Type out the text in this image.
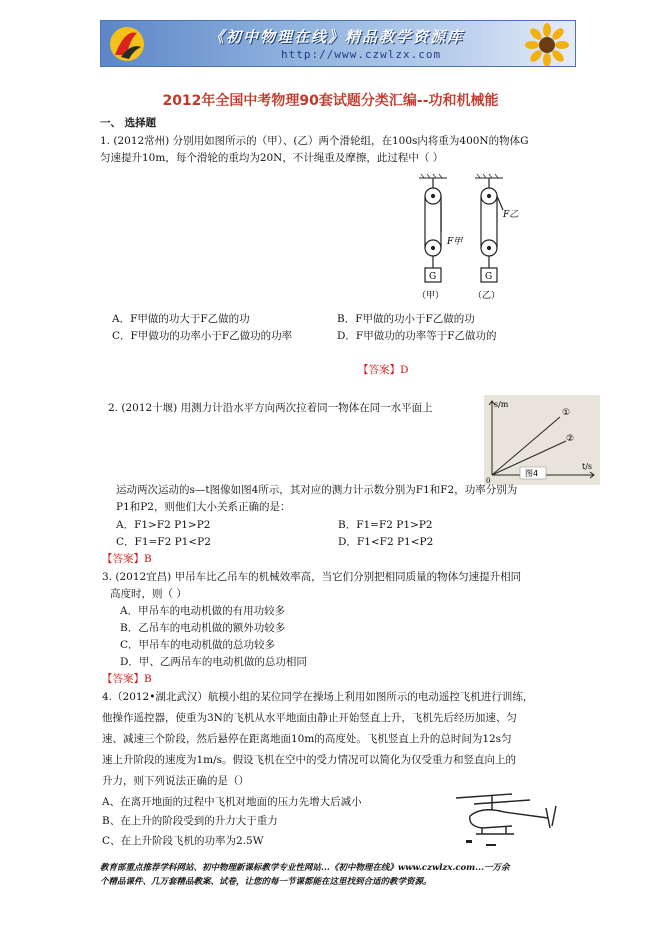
《初中物理在线》精品教学资源库
http://www.czwlzx.com
2012年全国中考物理90套试题分类汇编--功和机械能
一、 选择题
1. (2012常州) 分别用如图所示的（甲）、(乙）两个滑轮组，在100s内将重为400N的物体G
匀速提升10m，每个滑轮的重均为20N，不计绳重及摩擦，此过程中（ ）
F甲
F乙
G	G
（甲）	（乙）
A．F甲做的功大于F乙做的功	B．F甲做的功小于F乙做的功
C．F甲做功的功率小于F乙做功的功率	D．F甲做功的功率等于F乙做功的
【答案】D
2. (2012十堰) 用测力计沿水平方向两次拉着同一物体在同一水平面上	s/m
t/s
0
①
②
图4
运动两次运动的s—t图像如图4所示，其对应的测力计示数分别为F1和F2，功率分别为
P1和P2，则他们大小关系正确的是：
A．F1>F2 P1>P2	B．F1=F2 P1>P2
C．F1=F2 P1<P2	D．F1<F2 P1<P2
【答案】B
3. (2012宜昌) 甲吊车比乙吊车的机械效率高，当它们分别把相同质量的物体匀速提升相同
高度时，则（ ）
A．甲吊车的电动机做的有用功较多
B．乙吊车的电动机做的额外功较多
C．甲吊车的电动机做的总功较多
D．甲、乙两吊车的电动机做的总功相同
【答案】B
4.（2012•湖北武汉）航模小组的某位同学在操场上利用如图所示的电动遥控飞机进行训练，
他操作遥控器，使重为3N的飞机从水平地面由静止开始竖直上升，飞机先后经历加速、匀
速、减速三个阶段，然后悬停在距离地面10m的高度处。飞机竖直上升的总时间为12s匀
速上升阶段的速度为1m/s。假设飞机在空中的受力情况可以简化为仅受重力和竖直向上的
升力，则下列说法正确的是（）
A、在离开地面的过程中飞机对地面的压力先增大后减小
B、在上升的阶段受到的升力大于重力
C、在上升阶段飞机的功率为2.5W
教育部重点推荐学科网站、初中物理新课标教学专业性网站...《初中物理在线》www.czwlzx.com...一万余
个精品课件、几万套精品教案、试卷，让您的每一节课都能在这里找到合适的教学资源。
